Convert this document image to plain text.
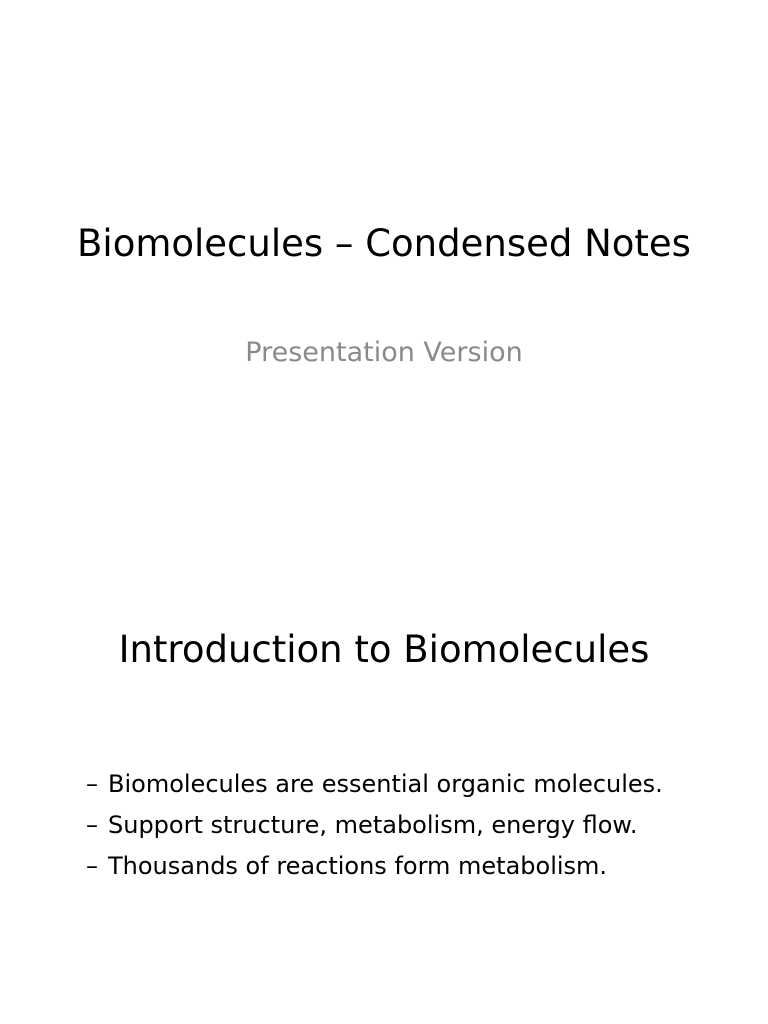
Biomolecules – Condensed Notes
Presentation Version
Introduction to Biomolecules
– Biomolecules are essential organic molecules.
– Support structure, metabolism, energy flow.
– Thousands of reactions form metabolism.
